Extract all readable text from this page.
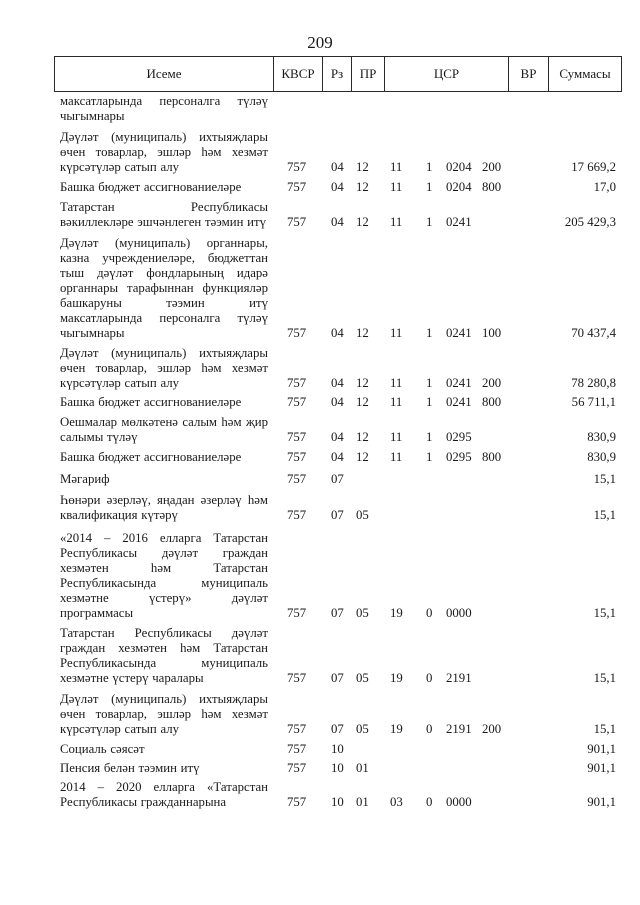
209
Исеме	КВСР	Рз	ПР	ЦСР	ВР	Суммасы
максатларында персоналга түләү чыгымнары
Дәүләт (муниципаль) ихтыяҗлары өчен товарлар, эшләр һәм хезмәт күрсәтүләр сатып алу	757 04 12 11 1 0204 200	17 669,2
Башка бюджет ассигнованиеләре	757 04 12 11 1 0204 800	17,0
Татарстан Республикасы вәкиллекләре эшчәнлеген тәэмин итү 757 04 12 11 1 0241	205 429,3
Дәүләт (муниципаль) органнары, казна учреждениеләре, бюджеттан тыш дәүләт фондларының идарә органнары тарафыннан функцияләр башкаруны тәэмин итү максатларында персоналга түләү чыгымнары	757 04 12 11 1 0241 100	70 437,4
Дәүләт (муниципаль) ихтыяҗлары өчен товарлар, эшләр һәм хезмәт күрсәтүләр сатып алу	757 04 12 11 1 0241 200	78 280,8
Башка бюджет ассигнованиеләре	757 04 12 11 1 0241 800	56 711,1
Оешмалар мөлкәтенә салым һәм җир салымы түләү	757 04 12 11 1 0295	830,9
Башка бюджет ассигнованиеләре	757 04 12 11 1 0295 800	830,9
Мәгариф	757 07	15,1
Һөнәри әзерләү, яңадан әзерләү һәм квалификация күтәрү	757 07 05	15,1
«2014 – 2016 елларга Татарстан Республикасы дәүләт граждан хезмәтен һәм Татарстан Республикасында муниципаль хезмәтне үстерү» дәүләт программасы	757 07 05 19 0 0000	15,1
Татарстан Республикасы дәүләт граждан хезмәтен һәм Татарстан Республикасында муниципаль хезмәтне үстерү чаралары	757 07 05 19 0 2191	15,1
Дәүләт (муниципаль) ихтыяҗлары өчен товарлар, эшләр һәм хезмәт күрсәтүләр сатып алу	757 07 05 19 0 2191 200	15,1
Социаль сәясәт	757 10	901,1
Пенсия белән тәэмин итү	757 10 01	901,1
2014 – 2020 елларга «Татарстан Республикасы гражданнарына	757 10 01 03 0 0000	901,1
